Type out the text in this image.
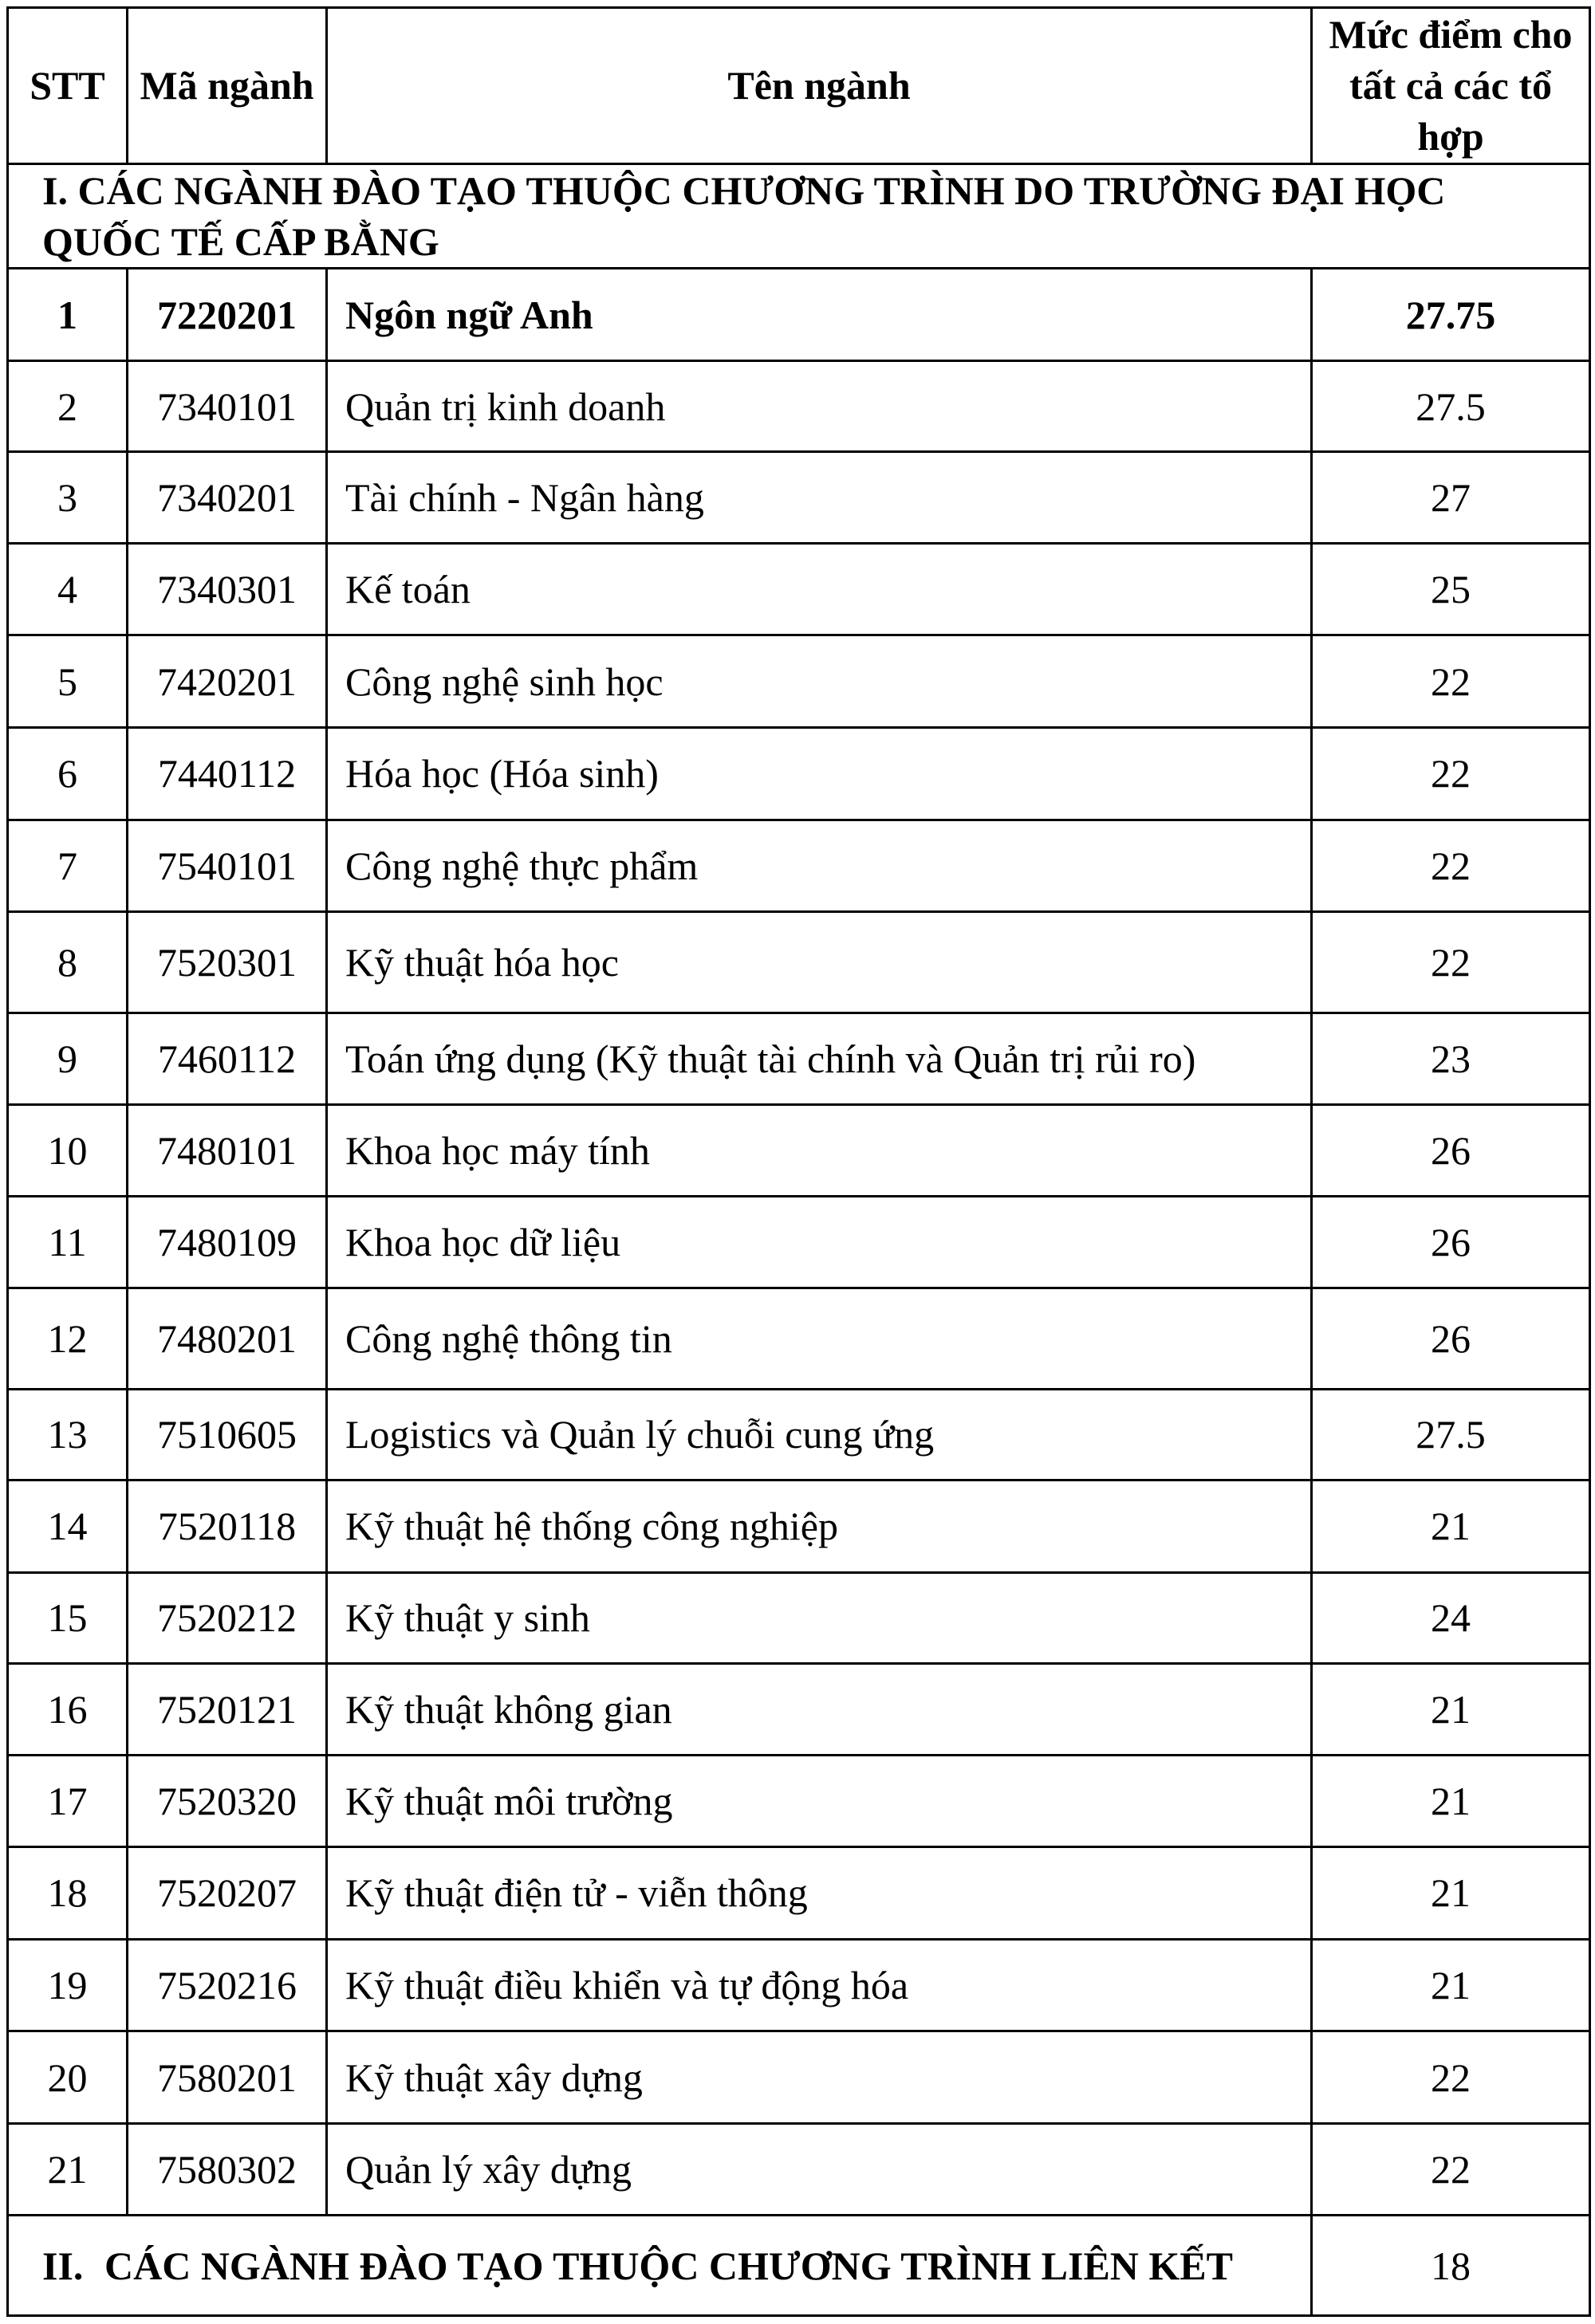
STT	Mã ngành	Tên ngành	Mức điểm cho tất cả các tổ hợp
I. CÁC NGÀNH ĐÀO TẠO THUỘC CHƯƠNG TRÌNH DO TRƯỜNG ĐẠI HỌC QUỐC TẾ CẤP BẰNG			
1	7220201	Ngôn ngữ Anh	27.75
2	7340101	Quản trị kinh doanh	27.5
3	7340201	Tài chính - Ngân hàng	27
4	7340301	Kế toán	25
5	7420201	Công nghệ sinh học	22
6	7440112	Hóa học (Hóa sinh)	22
7	7540101	Công nghệ thực phẩm	22
8	7520301	Kỹ thuật hóa học	22
9	7460112	Toán ứng dụng (Kỹ thuật tài chính và Quản trị rủi ro)	23
10	7480101	Khoa học máy tính	26
11	7480109	Khoa học dữ liệu	26
12	7480201	Công nghệ thông tin	26
13	7510605	Logistics và Quản lý chuỗi cung ứng	27.5
14	7520118	Kỹ thuật hệ thống công nghiệp	21
15	7520212	Kỹ thuật y sinh	24
16	7520121	Kỹ thuật không gian	21
17	7520320	Kỹ thuật môi trường	21
18	7520207	Kỹ thuật điện tử - viễn thông	21
19	7520216	Kỹ thuật điều khiển và tự động hóa	21
20	7580201	Kỹ thuật xây dựng	22
21	7580302	Quản lý xây dựng	22
II. CÁC NGÀNH ĐÀO TẠO THUỘC CHƯƠNG TRÌNH LIÊN KẾT			18
